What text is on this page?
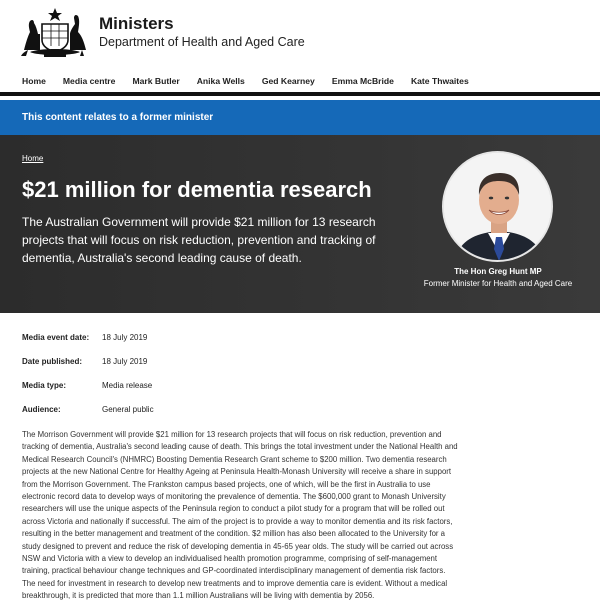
Ministers
Department of Health and Aged Care
Home Media centre Mark Butler Anika Wells Ged Kearney Emma McBride Kate Thwaites
This content relates to a former minister
Home
$21 million for dementia research

The Australian Government will provide $21 million for 13 research projects that will focus on risk reduction, prevention and tracking of dementia, Australia's second leading cause of death.

The Hon Greg Hunt MP
Former Minister for Health and Aged Care
Media event date:	18 July 2019
Date published:	18 July 2019
Media type:	Media release
Audience:	General public

The Morrison Government will provide $21 million for 13 research projects that will focus on risk reduction, prevention and tracking of dementia, Australia's second leading cause of death. This brings the total investment under the National Health and Medical Research Council's (NHMRC) Boosting Dementia Research Grant scheme to $200 million. Two dementia research projects at the new National Centre for Healthy Ageing at Peninsula Health-Monash University will receive a share in support from the Morrison Government. The Frankston campus based projects, one of which, will be the first in Australia to use electronic record data to develop ways of monitoring the prevalence of dementia. The $600,000 grant to Monash University researchers will use the unique aspects of the Peninsula region to conduct a pilot study for a program that will be rolled out across Victoria and nationally if successful. The aim of the project is to provide a way to monitor dementia and its risk factors, resulting in the better management and treatment of the condition. $2 million has also been allocated to the University for a study designed to prevent and reduce the risk of developing dementia in 45-65 year olds. The study will be carried out across NSW and Victoria with a view to develop an individualised health promotion programme, comprising of self-management training, practical behaviour change techniques and GP-coordinated interdisciplinary management of dementia risk factors. The need for investment in research to develop new treatments and to improve dementia care is evident. Without a medical breakthrough, it is predicted that more than 1.1 million Australians will be living with dementia by 2056.
